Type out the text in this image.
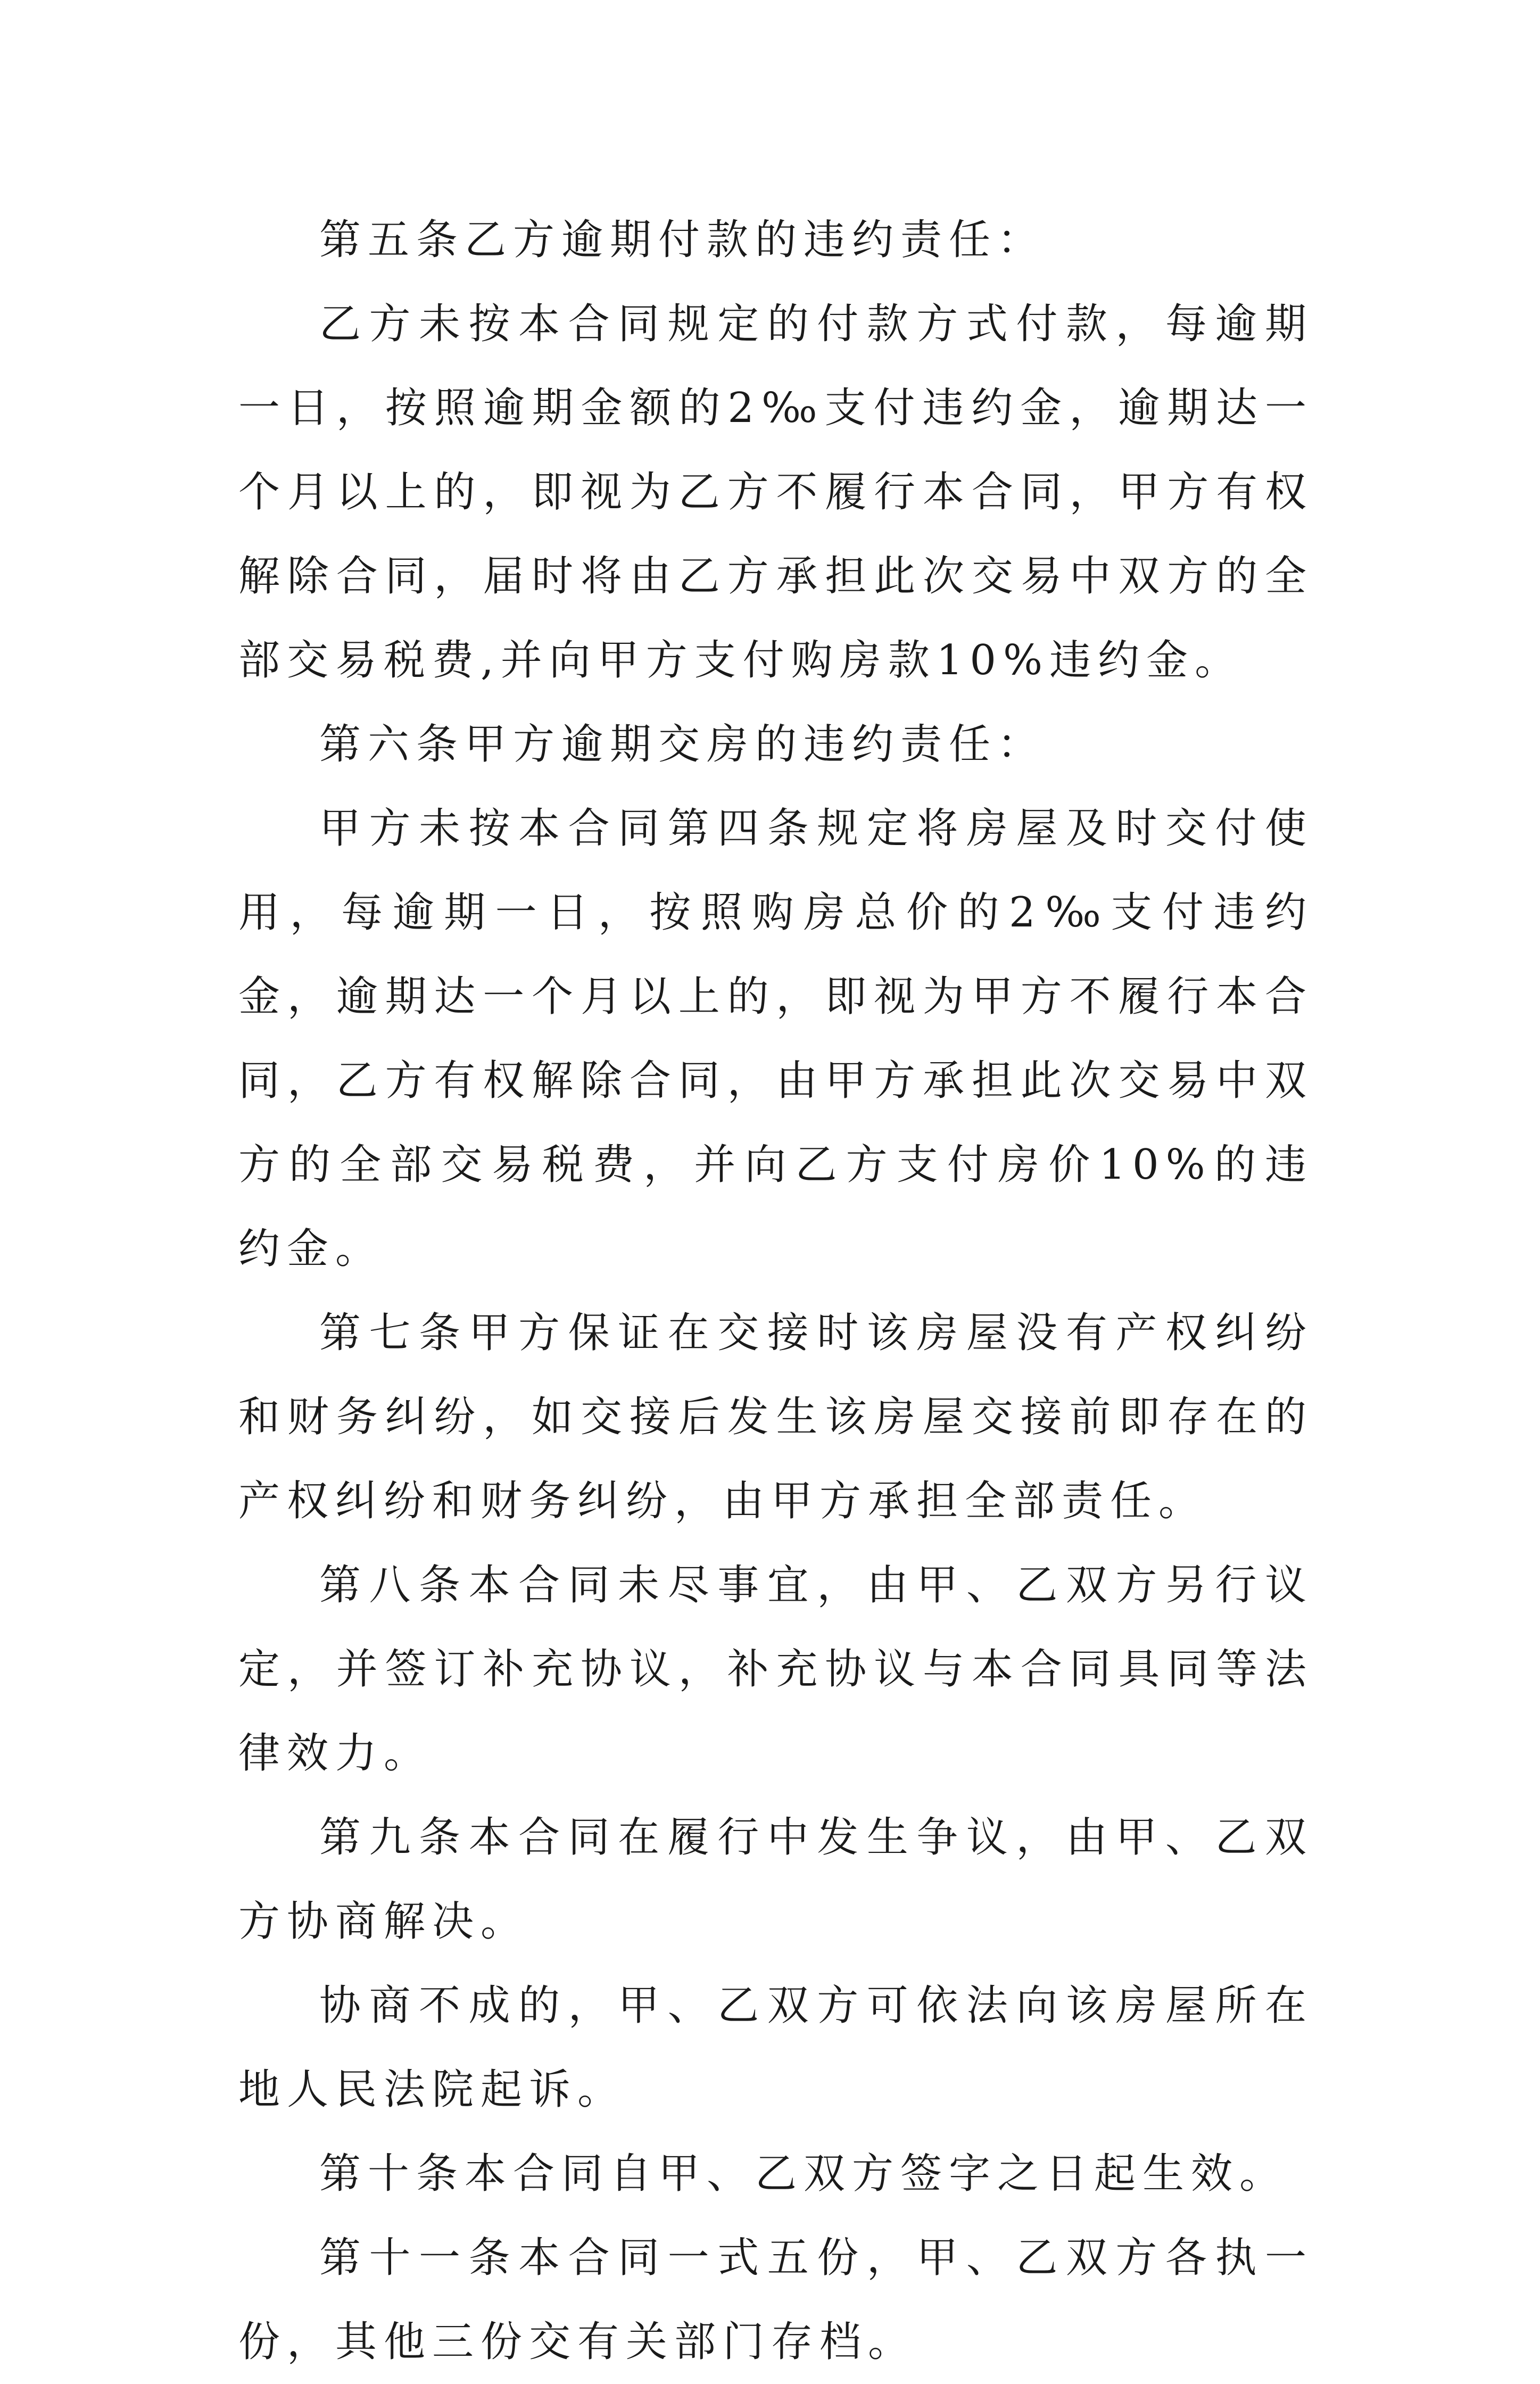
第五条乙方逾期付款的违约责任：

乙方未按本合同规定的付款方式付款，每逾期一日，按照逾期金额的2‰支付违约金，逾期达一个月以上的，即视为乙方不履行本合同，甲方有权解除合同，届时将由乙方承担此次交易中双方的全部交易税费,并向甲方支付购房款10%违约金。

第六条甲方逾期交房的违约责任：

甲方未按本合同第四条规定将房屋及时交付使用，每逾期一日，按照购房总价的2‰支付违约金，逾期达一个月以上的，即视为甲方不履行本合同，乙方有权解除合同，由甲方承担此次交易中双方的全部交易税费，并向乙方支付房价10%的违约金。

第七条甲方保证在交接时该房屋没有产权纠纷和财务纠纷，如交接后发生该房屋交接前即存在的产权纠纷和财务纠纷，由甲方承担全部责任。

第八条本合同未尽事宜，由甲、乙双方另行议定，并签订补充协议，补充协议与本合同具同等法律效力。

第九条本合同在履行中发生争议，由甲、乙双方协商解决。

协商不成的，甲、乙双方可依法向该房屋所在地人民法院起诉。

第十条本合同自甲、乙双方签字之日起生效。

第十一条本合同一式五份，甲、乙双方各执一份，其他三份交有关部门存档。
